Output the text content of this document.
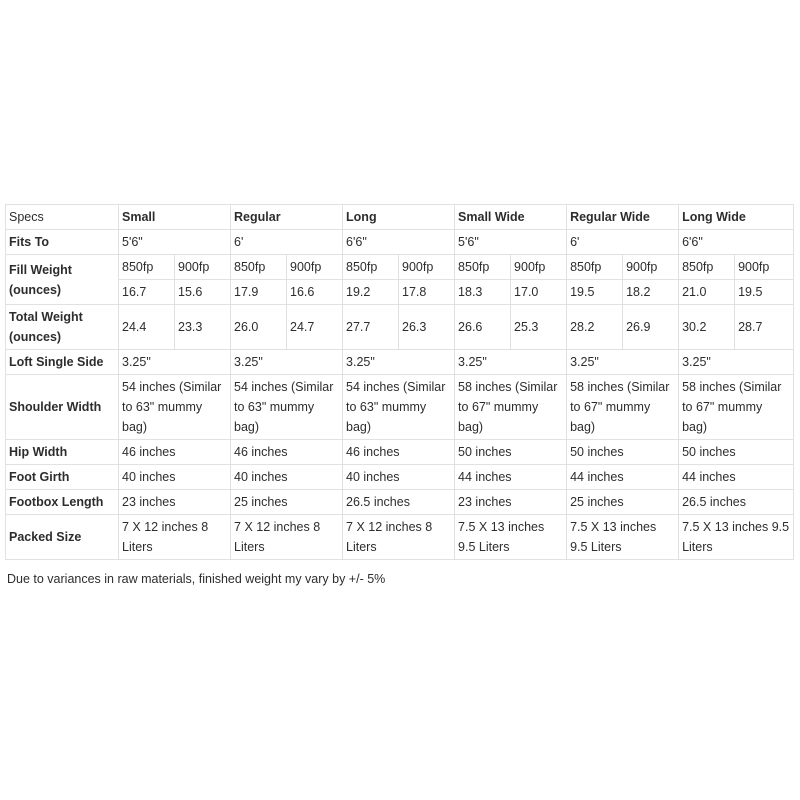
Specs	Small		Regular		Long		Small Wide		Regular Wide		Long Wide	
Fits To	5'6"		6'		6'6"		5'6"		6'		6'6"	
Fill Weight (ounces)	850fp	900fp	850fp	900fp	850fp	900fp	850fp	900fp	850fp	900fp	850fp	900fp
	16.7	15.6	17.9	16.6	19.2	17.8	18.3	17.0	19.5	18.2	21.0	19.5
Total Weight (ounces)	24.4	23.3	26.0	24.7	27.7	26.3	26.6	25.3	28.2	26.9	30.2	28.7
Loft Single Side	3.25"		3.25"		3.25"		3.25"		3.25"		3.25"	
Shoulder Width	54 inches (Similar to 63" mummy bag)		54 inches (Similar to 63" mummy bag)		54 inches (Similar to 63" mummy bag)		58 inches (Similar to 67" mummy bag)		58 inches (Similar to 67" mummy bag)		58 inches (Similar to 67" mummy bag)	
Hip Width	46 inches		46 inches		46 inches		50 inches		50 inches		50 inches	
Foot Girth	40 inches		40 inches		40 inches		44 inches		44 inches		44 inches	
Footbox Length	23 inches		25 inches		26.5 inches		23 inches		25 inches		26.5 inches	
Packed Size	7 X 12 inches 8 Liters		7 X 12 inches 8 Liters		7 X 12 inches 8 Liters		7.5 X 13 inches 9.5 Liters		7.5 X 13 inches 9.5 Liters		7.5 X 13 inches 9.5 Liters	
Due to variances in raw materials, finished weight my vary by +/- 5%
